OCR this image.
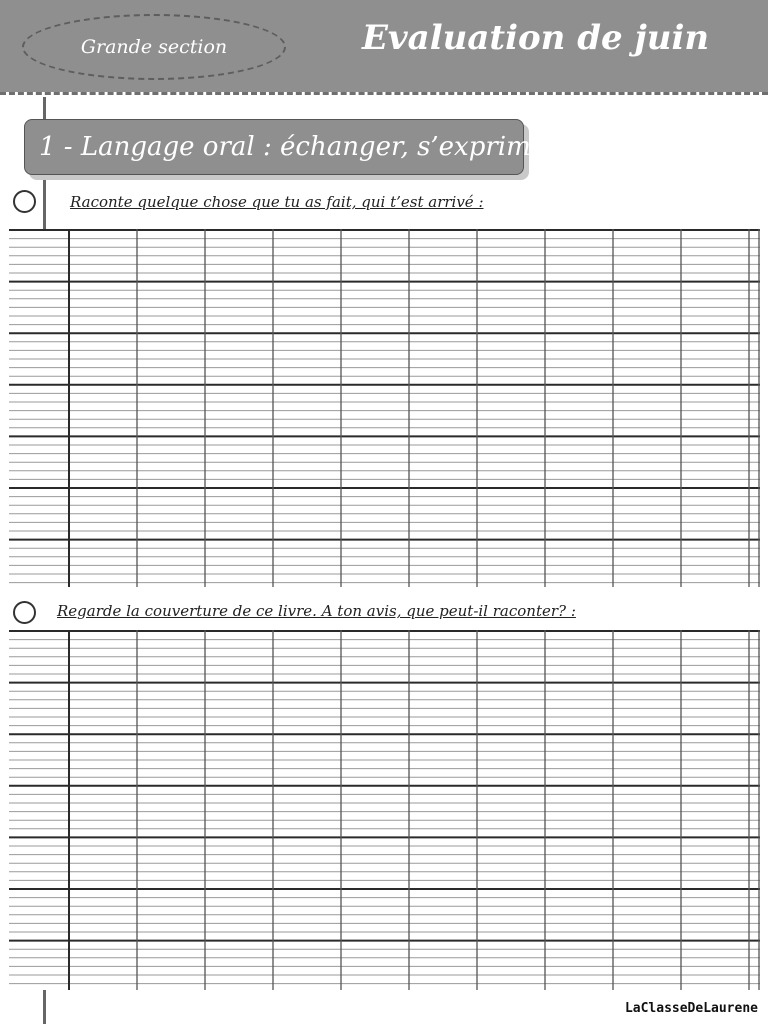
Grande section	Evaluation de juin
1 - Langage oral : échanger, s’exprimer
Raconte quelque chose que tu as fait, qui t’est arrivé :
Regarde la couverture de ce livre. A ton avis, que peut-il raconter? :
LaClasseDeLaurene
